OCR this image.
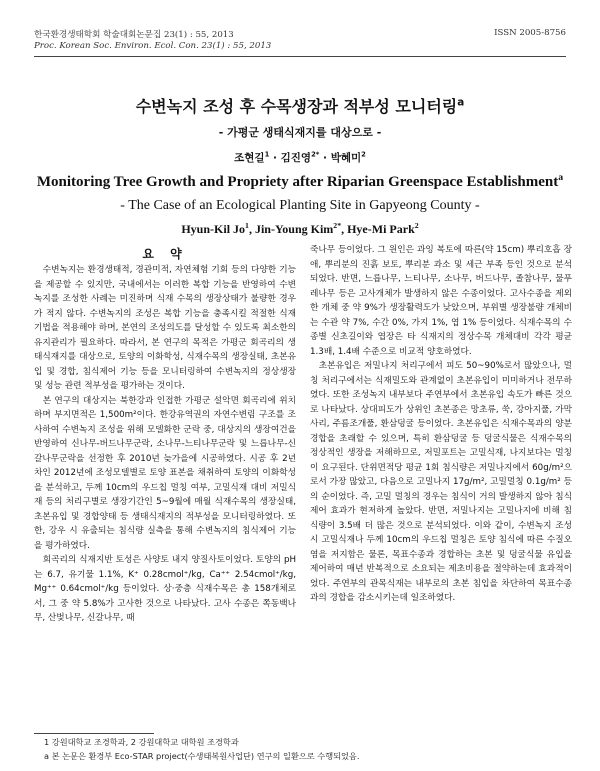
한국환경생태학회 학술대회논문집 23(1) : 55, 2013	ISSN 2005-8756
Proc. Korean Soc. Environ. Ecol. Con. 23(1) : 55, 2013
수변녹지 조성 후 수목생장과 적부성 모니터링$^a$
- 가평군 생태식재지를 대상으로 -
조현길$^1$ · 김진영$^{2*}$ · 박혜미$^2$
Monitoring Tree Growth and Propriety after Riparian Greenspace Establishment$^a$
- The Case of an Ecological Planting Site in Gapyeong County -
Hyun-Kil Jo$^1$, Jin-Young Kim$^{2*}$, Hye-Mi Park$^2$
요 약

수변녹지는 환경생태적, 경관미적, 자연체험 기회 등의 다양한 기능을 제공할 수 있지만, 국내에서는 이러한 복합 기능을 반영하여 수변녹지를 조성한 사례는 미진하며 식재 수목의 생장상태가 불량한 경우가 적지 않다. 수변녹지의 조성은 복합 기능을 충족시킬 적절한 식재기법을 적용해야 하며, 본연의 조성의도를 달성할 수 있도록 최소한의 유지관리가 필요하다. 따라서, 본 연구의 목적은 가평군 회곡리의 생태식재지를 대상으로, 토양의 이화학성, 식재수목의 생장실태, 초본유입 및 경합, 침식제어 기능 등을 모니터링하여 수변녹지의 정상생장 및 성능 관련 적부성을 평가하는 것이다.

본 연구의 대상지는 북한강과 인접한 가평군 설악면 회곡리에 위치하며 부지면적은 1,500m²이다. 한강유역권의 자연수변림 구조를 조사하여 수변녹지 조성을 위해 모델화한 군락 중, 대상지의 생장여건을 반영하여 신나무-버드나무군락, 소나무-느티나무군락 및 느릅나무-신갈나무군락을 선정한 후 2010년 늦가을에 시공하였다. 시공 후 2년차인 2012년에 조성모델별로 토양 표본을 채취하여 토양의 이화학성을 분석하고, 두께 10cm의 우드칩 멀칭 여부, 고밀식재 대비 저밀식재 등의 처리구별로 생장기간인 5~9월에 매월 식재수목의 생장실태, 초본유입 및 경합양태 등 생태식재지의 적부성을 모니터링하였다. 또한, 강우 시 유출되는 침식량 실측을 통해 수변녹지의 침식제어 기능을 평가하였다.

회곡리의 식재지반 토성은 사양토 내지 양질사토이었다. 토양의 pH는 6.7, 유기물 1.1%, K⁺ 0.28cmol⁺/kg, Ca⁺⁺ 2.54cmol⁺/kg, Mg⁺⁺ 0.64cmol⁺/kg 등이었다. 상·중층 식재수목은 총 158개체로서, 그 중 약 5.8%가 고사한 것으로 나타났다. 고사 수종은 쪽동백나무, 산벚나무, 신갈나무, 때

죽나무 등이었다. 그 원인은 과잉 복토에 따른(약 15cm) 뿌리호흡 장애, 뿌리분의 진흙 보토, 뿌리분 과소 및 세근 부족 등인 것으로 분석되었다. 반면, 느릅나무, 느티나무, 소나무, 버드나무, 졸참나무, 물푸레나무 등은 고사개체가 발생하지 않은 수종이었다. 고사수종을 제외한 개체 중 약 9%가 생장활력도가 낮았으며, 부위별 생장불량 개체비는 수관 약 7%, 수간 0%, 가지 1%, 엽 1% 등이었다. 식재수목의 수종별 신초길이와 엽장은 타 식재지의 정상수목 개체대비 각각 평균 1.3배, 1.4배 수준으로 비교적 양호하였다.

초본유입은 저밀나지 처리구에서 피도 50~90%로서 많았으나, 멀칭 처리구에서는 식재밀도와 관계없이 초본유입이 미미하거나 전무하였다. 또한 조성녹지 내부보다 주연부에서 초본유입 속도가 빠른 것으로 나타났다. 상대피도가 상위인 초본종은 망초류, 쑥, 강아지풀, 가막사리, 주름조개풀, 환삼덩굴 등이었다. 초본유입은 식재수목과의 양분경합을 초래할 수 있으며, 특히 환삼덩굴 등 덩굴식물은 식재수목의 정상적인 생장을 저해하므로, 저밀포트는 고밀식재, 나지보다는 멀칭이 요구된다. 단위면적당 평균 1회 침식량은 저밀나지에서 60g/m²으로서 가장 많았고, 다음으로 고밀나지 17g/m², 고밀멀칭 0.1g/m² 등의 순이었다. 즉, 고밀 멀칭의 경우는 침식이 거의 발생하지 않아 침식제어 효과가 현저하게 높았다. 반면, 저밀나지는 고밀나지에 비해 침식량이 3.5배 더 많은 것으로 분석되었다. 이와 같이, 수변녹지 조성 시 고밀식재나 두께 10cm의 우드칩 멀칭은 토양 침식에 따른 수질오염을 저지함은 물론, 목표수종과 경합하는 초본 및 덩굴식물 유입을 제어하여 매년 반복적으로 소요되는 제초비용을 절약하는데 효과적이었다. 주연부의 관목식재는 내부로의 초본 침입을 차단하여 목표수종과의 경합을 감소시키는데 일조하였다.

1 강원대학교 조경학과, 2 강원대학교 대학원 조경학과
a 본 논문은 환경부 Eco-STAR project(수생태복원사업단) 연구의 일환으로 수행되었음.
